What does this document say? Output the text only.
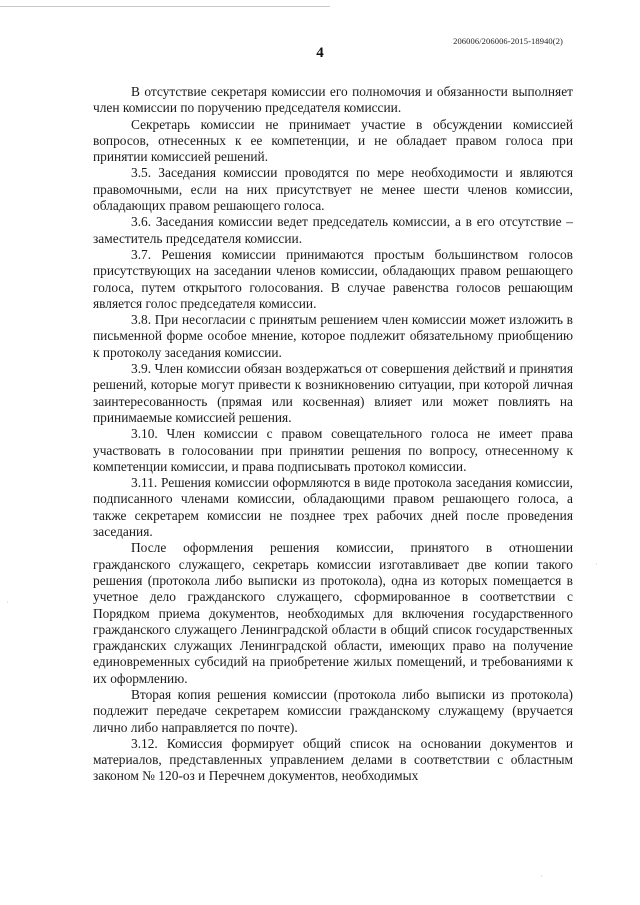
206006/206006-2015-18940(2)
4

В отсутствие секретаря комиссии его полномочия и обязанности выполняет член комиссии по поручению председателя комиссии.

Секретарь комиссии не принимает участие в обсуждении комиссией вопросов, отнесенных к ее компетенции, и не обладает правом голоса при принятии комиссией решений.

3.5. Заседания комиссии проводятся по мере необходимости и являются правомочными, если на них присутствует не менее шести членов комиссии, обладающих правом решающего голоса.

3.6. Заседания комиссии ведет председатель комиссии, а в его отсутствие – заместитель председателя комиссии.

3.7. Решения комиссии принимаются простым большинством голосов присутствующих на заседании членов комиссии, обладающих правом решающего голоса, путем открытого голосования. В случае равенства голосов решающим является голос председателя комиссии.

3.8. При несогласии с принятым решением член комиссии может изложить в письменной форме особое мнение, которое подлежит обязательному приобщению к протоколу заседания комиссии.

3.9. Член комиссии обязан воздержаться от совершения действий и принятия решений, которые могут привести к возникновению ситуации, при которой личная заинтересованность (прямая или косвенная) влияет или может повлиять на принимаемые комиссией решения.

3.10. Член комиссии с правом совещательного голоса не имеет права участвовать в голосовании при принятии решения по вопросу, отнесенному к компетенции комиссии, и права подписывать протокол комиссии.

3.11. Решения комиссии оформляются в виде протокола заседания комиссии, подписанного членами комиссии, обладающими правом решающего голоса, а также секретарем комиссии не позднее трех рабочих дней после проведения заседания.

После оформления решения комиссии, принятого в отношении гражданского служащего, секретарь комиссии изготавливает две копии такого решения (протокола либо выписки из протокола), одна из которых помещается в учетное дело гражданского служащего, сформированное в соответствии с Порядком приема документов, необходимых для включения государственного гражданского служащего Ленинградской области в общий список государственных гражданских служащих Ленинградской области, имеющих право на получение единовременных субсидий на приобретение жилых помещений, и требованиями к их оформлению.

Вторая копия решения комиссии (протокола либо выписки из протокола) подлежит передаче секретарем комиссии гражданскому служащему (вручается лично либо направляется по почте).

3.12. Комиссия формирует общий список на основании документов и материалов, представленных управлением делами в соответствии с областным законом № 120-оз и Перечнем документов, необходимых

·
·
·
